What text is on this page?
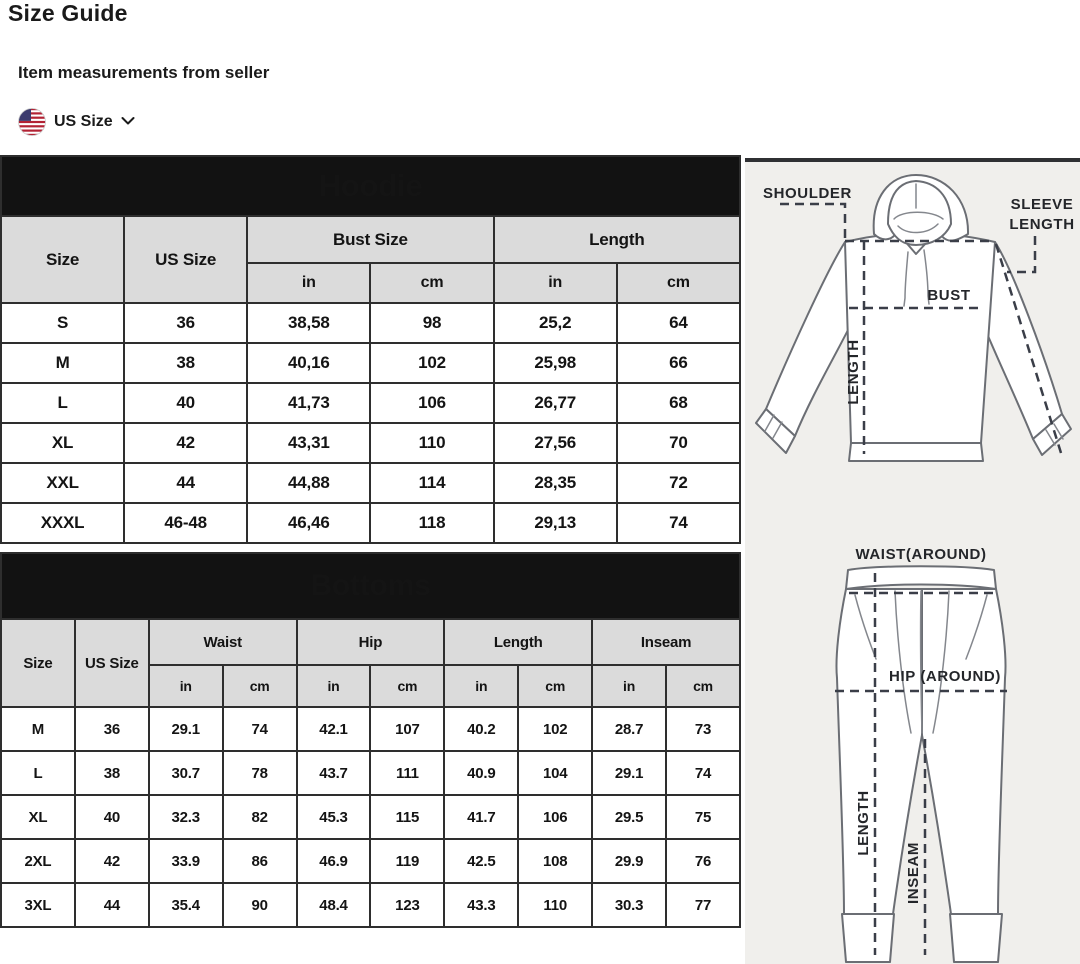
Size Guide
Item measurements from seller
US Size
Hoodie					
Size	US Size	Bust Size		Length	
		in	cm	in	cm
S	36	38,58	98	25,2	64
M	38	40,16	102	25,98	66
L	40	41,73	106	26,77	68
XL	42	43,31	110	27,56	70
XXL	44	44,88	114	28,35	72
XXXL	46-48	46,46	118	29,13	74
Bottoms									
Size	US Size	Waist		Hip		Length		Inseam	
		in	cm	in	cm	in	cm	in	cm
M	36	29.1	74	42.1	107	40.2	102	28.7	73
L	38	30.7	78	43.7	111	40.9	104	29.1	74
XL	40	32.3	82	45.3	115	41.7	106	29.5	75
2XL	42	33.9	86	46.9	119	42.5	108	29.9	76
3XL	44	35.4	90	48.4	123	43.3	110	30.3	77
SHOULDER
SLEEVE
LENGTH
BUST
LENGTH
WAIST(AROUND)
HIP (AROUND)
LENGTH
INSEAM
